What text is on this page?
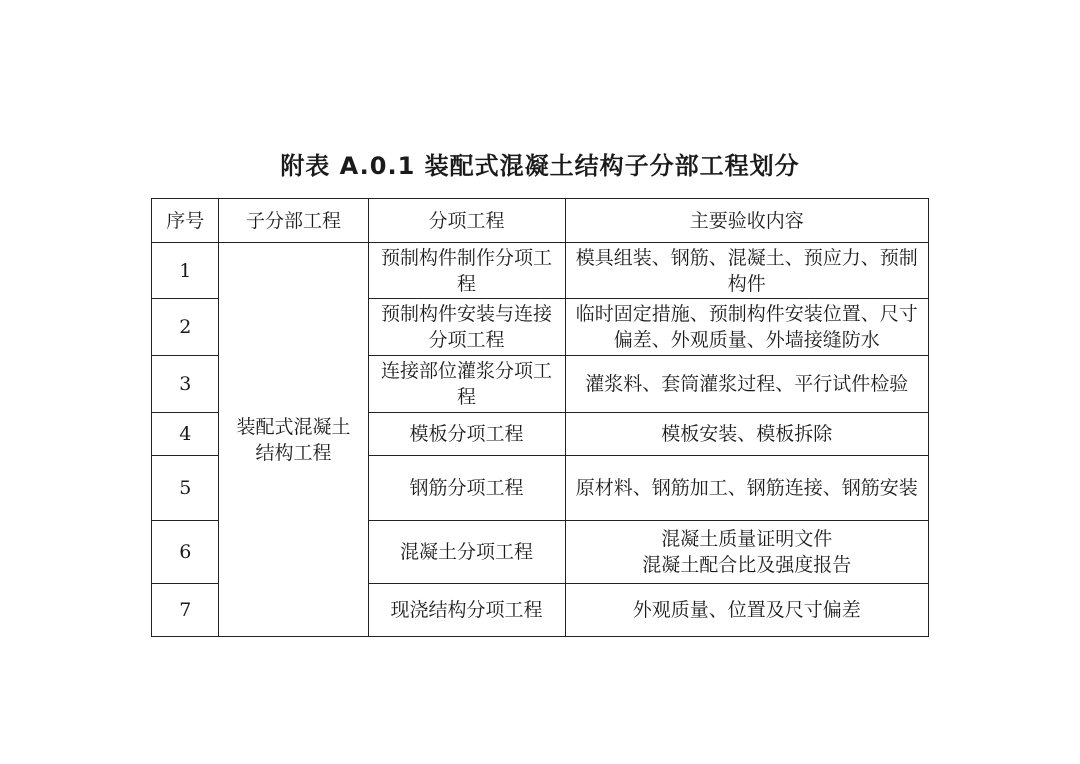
附表 A.0.1 装配式混凝土结构子分部工程划分
序号	子分部工程	分项工程	主要验收内容
1	装配式混凝土结构工程	预制构件制作分项工程	模具组装、钢筋、混凝土、预应力、预制构件
2		预制构件安装与连接分项工程	临时固定措施、预制构件安装位置、尺寸偏差、外观质量、外墙接缝防水
3		连接部位灌浆分项工程	灌浆料、套筒灌浆过程、平行试件检验
4		模板分项工程	模板安装、模板拆除
5		钢筋分项工程	原材料、钢筋加工、钢筋连接、钢筋安装
6		混凝土分项工程	混凝土质量证明文件
混凝土配合比及强度报告

7		现浇结构分项工程	外观质量、位置及尺寸偏差
